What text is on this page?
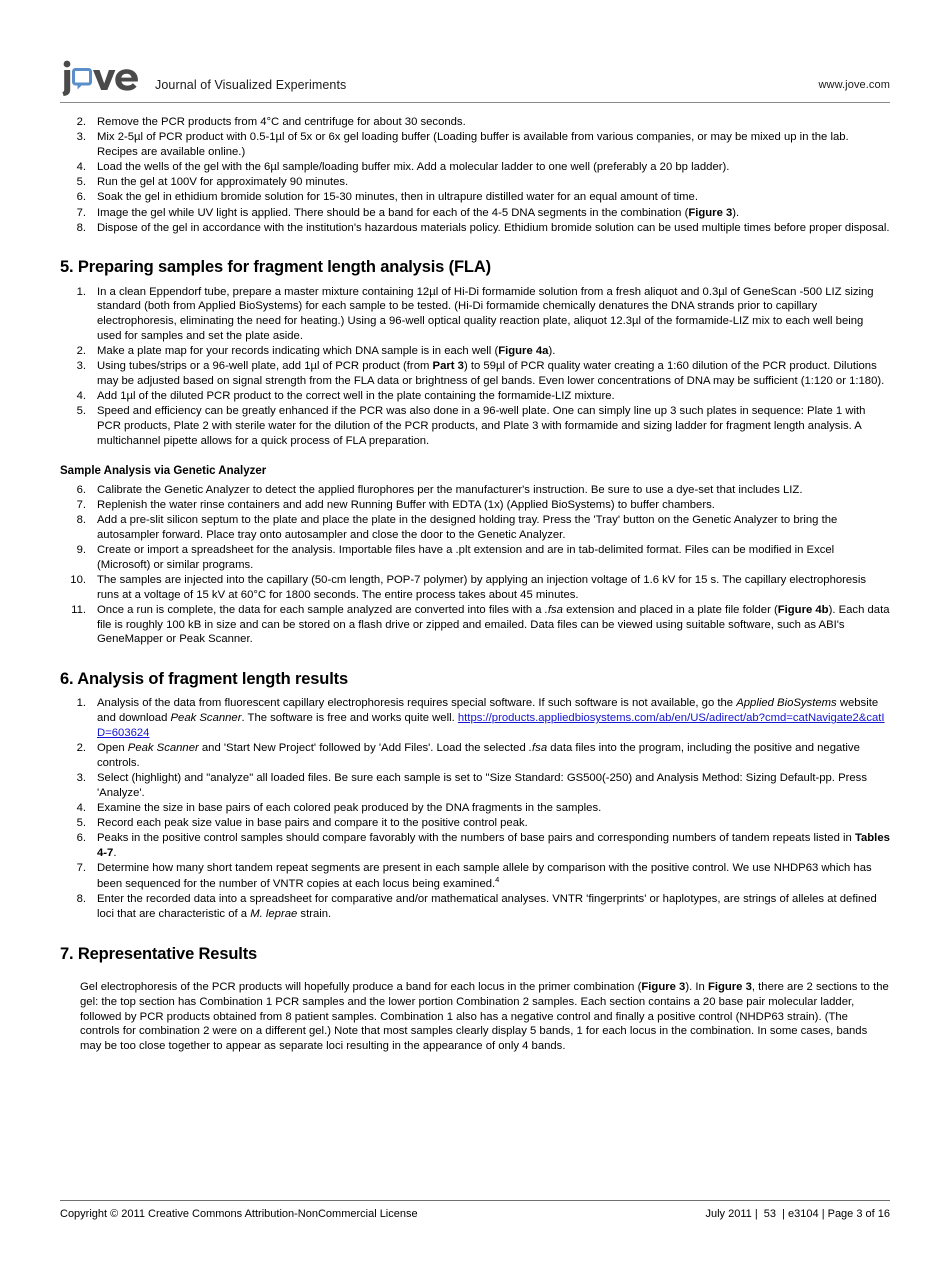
Journal of Visualized Experiments	www.jove.com
2. Remove the PCR products from 4°C and centrifuge for about 30 seconds.
3. Mix 2-5µl of PCR product with 0.5-1µl of 5x or 6x gel loading buffer (Loading buffer is available from various companies, or may be mixed up in the lab. Recipes are available online.)
4. Load the wells of the gel with the 6µl sample/loading buffer mix. Add a molecular ladder to one well (preferably a 20 bp ladder).
5. Run the gel at 100V for approximately 90 minutes.
6. Soak the gel in ethidium bromide solution for 15-30 minutes, then in ultrapure distilled water for an equal amount of time.
7. Image the gel while UV light is applied. There should be a band for each of the 4-5 DNA segments in the combination (Figure 3).
8. Dispose of the gel in accordance with the institution's hazardous materials policy. Ethidium bromide solution can be used multiple times before proper disposal.
5. Preparing samples for fragment length analysis (FLA)
1. In a clean Eppendorf tube, prepare a master mixture containing 12µl of Hi-Di formamide solution from a fresh aliquot and 0.3µl of GeneScan -500 LIZ sizing standard (both from Applied BioSystems) for each sample to be tested. (Hi-Di formamide chemically denatures the DNA strands prior to capillary electrophoresis, eliminating the need for heating.) Using a 96-well optical quality reaction plate, aliquot 12.3µl of the formamide-LIZ mix to each well being used for samples and set the plate aside.
2. Make a plate map for your records indicating which DNA sample is in each well (Figure 4a).
3. Using tubes/strips or a 96-well plate, add 1µl of PCR product (from Part 3) to 59µl of PCR quality water creating a 1:60 dilution of the PCR product. Dilutions may be adjusted based on signal strength from the FLA data or brightness of gel bands. Even lower concentrations of DNA may be sufficient (1:120 or 1:180).
4. Add 1µl of the diluted PCR product to the correct well in the plate containing the formamide-LIZ mixture.
5. Speed and efficiency can be greatly enhanced if the PCR was also done in a 96-well plate. One can simply line up 3 such plates in sequence: Plate 1 with PCR products, Plate 2 with sterile water for the dilution of the PCR products, and Plate 3 with formamide and sizing ladder for fragment length analysis. A multichannel pipette allows for a quick process of FLA preparation.
Sample Analysis via Genetic Analyzer
6. Calibrate the Genetic Analyzer to detect the applied flurophores per the manufacturer's instruction. Be sure to use a dye-set that includes LIZ.
7. Replenish the water rinse containers and add new Running Buffer with EDTA (1x) (Applied BioSystems) to buffer chambers.
8. Add a pre-slit silicon septum to the plate and place the plate in the designed holding tray. Press the 'Tray' button on the Genetic Analyzer to bring the autosampler forward. Place tray onto autosampler and close the door to the Genetic Analyzer.
9. Create or import a spreadsheet for the analysis. Importable files have a .plt extension and are in tab-delimited format. Files can be modified in Excel (Microsoft) or similar programs.
10. The samples are injected into the capillary (50-cm length, POP-7 polymer) by applying an injection voltage of 1.6 kV for 15 s. The capillary electrophoresis runs at a voltage of 15 kV at 60°C for 1800 seconds. The entire process takes about 45 minutes.
11. Once a run is complete, the data for each sample analyzed are converted into files with a .fsa extension and placed in a plate file folder (Figure 4b). Each data file is roughly 100 kB in size and can be stored on a flash drive or zipped and emailed. Data files can be viewed using suitable software, such as ABI's GeneMapper or Peak Scanner.
6. Analysis of fragment length results
1. Analysis of the data from fluorescent capillary electrophoresis requires special software. If such software is not available, go the Applied BioSystems website and download Peak Scanner. The software is free and works quite well. https://products.appliedbiosystems.com/ab/en/US/adirect/ab?cmd=catNavigate2&catID=603624
2. Open Peak Scanner and 'Start New Project' followed by 'Add Files'. Load the selected .fsa data files into the program, including the positive and negative controls.
3. Select (highlight) and "analyze" all loaded files. Be sure each sample is set to "Size Standard: GS500(-250) and Analysis Method: Sizing Default-pp. Press 'Analyze'.
4. Examine the size in base pairs of each colored peak produced by the DNA fragments in the samples.
5. Record each peak size value in base pairs and compare it to the positive control peak.
6. Peaks in the positive control samples should compare favorably with the numbers of base pairs and corresponding numbers of tandem repeats listed in Tables 4-7.
7. Determine how many short tandem repeat segments are present in each sample allele by comparison with the positive control. We use NHDP63 which has been sequenced for the number of VNTR copies at each locus being examined.$^4$
8. Enter the recorded data into a spreadsheet for comparative and/or mathematical analyses. VNTR 'fingerprints' or haplotypes, are strings of alleles at defined loci that are characteristic of a M. leprae strain.
7. Representative Results

Gel electrophoresis of the PCR products will hopefully produce a band for each locus in the primer combination (Figure 3). In Figure 3, there are 2 sections to the gel: the top section has Combination 1 PCR samples and the lower portion Combination 2 samples. Each section contains a 20 base pair molecular ladder, followed by PCR products obtained from 8 patient samples. Combination 1 also has a negative control and finally a positive control (NHDP63 strain). (The controls for combination 2 were on a different gel.) Note that most samples clearly display 5 bands, 1 for each locus in the combination. In some cases, bands may be too close together to appear as separate loci resulting in the appearance of only 4 bands.

Copyright © 2011 Creative Commons Attribution-NonCommercial License	July 2011 |  53  | e3104 | Page 3 of 16
